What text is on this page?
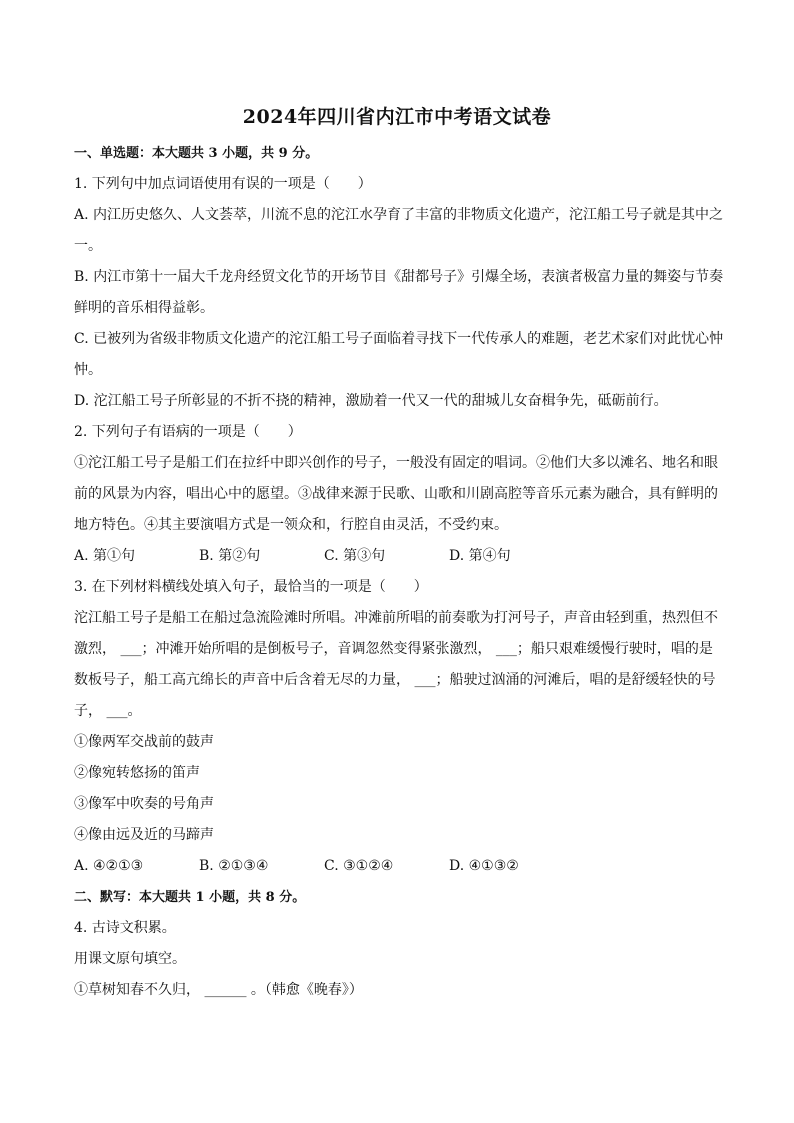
2024年四川省内江市中考语文试卷

一、单选题：本大题共 3 小题，共 9 分。

1. 下列句中加点词语使用有误的一项是（　　）

A. 内江历史悠久、人文荟萃，川流不息的沱江水孕育了丰富的非物质文化遗产，沱江船工号子就是其中之

一。

B. 内江市第十一届大千龙舟经贸文化节的开场节目《甜都号子》引爆全场，表演者极富力量的舞姿与节奏

鲜明的音乐相得益彰。

C. 已被列为省级非物质文化遗产的沱江船工号子面临着寻找下一代传承人的难题，老艺术家们对此忧心忡

忡。

D. 沱江船工号子所彰显的不折不挠的精神，激励着一代又一代的甜城儿女奋楫争先，砥砺前行。

2. 下列句子有语病的一项是（　　）

①沱江船工号子是船工们在拉纤中即兴创作的号子，一般没有固定的唱词。②他们大多以滩名、地名和眼

前的风景为内容，唱出心中的愿望。③战律来源于民歌、山歌和川剧高腔等音乐元素为融合，具有鲜明的

地方特色。④其主要演唱方式是一领众和，行腔自由灵活，不受约束。

A. 第①句	B. 第②句	C. 第③句	D. 第④句

3. 在下列材料横线处填入句子，最恰当的一项是（　　）

沱江船工号子是船工在船过急流险滩时所唱。冲滩前所唱的前奏歌为打河号子，声音由轻到重，热烈但不

激烈， ___；冲滩开始所唱的是倒板号子，音调忽然变得紧张激烈， ___；船只艰难缓慢行驶时，唱的是

数板号子，船工高亢绵长的声音中后含着无尽的力量， ___；船驶过汹涌的河滩后，唱的是舒缓轻快的号

子， ___。

①像两军交战前的鼓声

②像宛转悠扬的笛声

③像军中吹奏的号角声

④像由远及近的马蹄声

A. ④②①③	B. ②①③④	C. ③①②④	D. ④①③②

二、默写：本大题共 1 小题，共 8 分。

4. 古诗文积累。

用课文原句填空。

①草树知春不久归， ______ 。（韩愈《晚春》）
